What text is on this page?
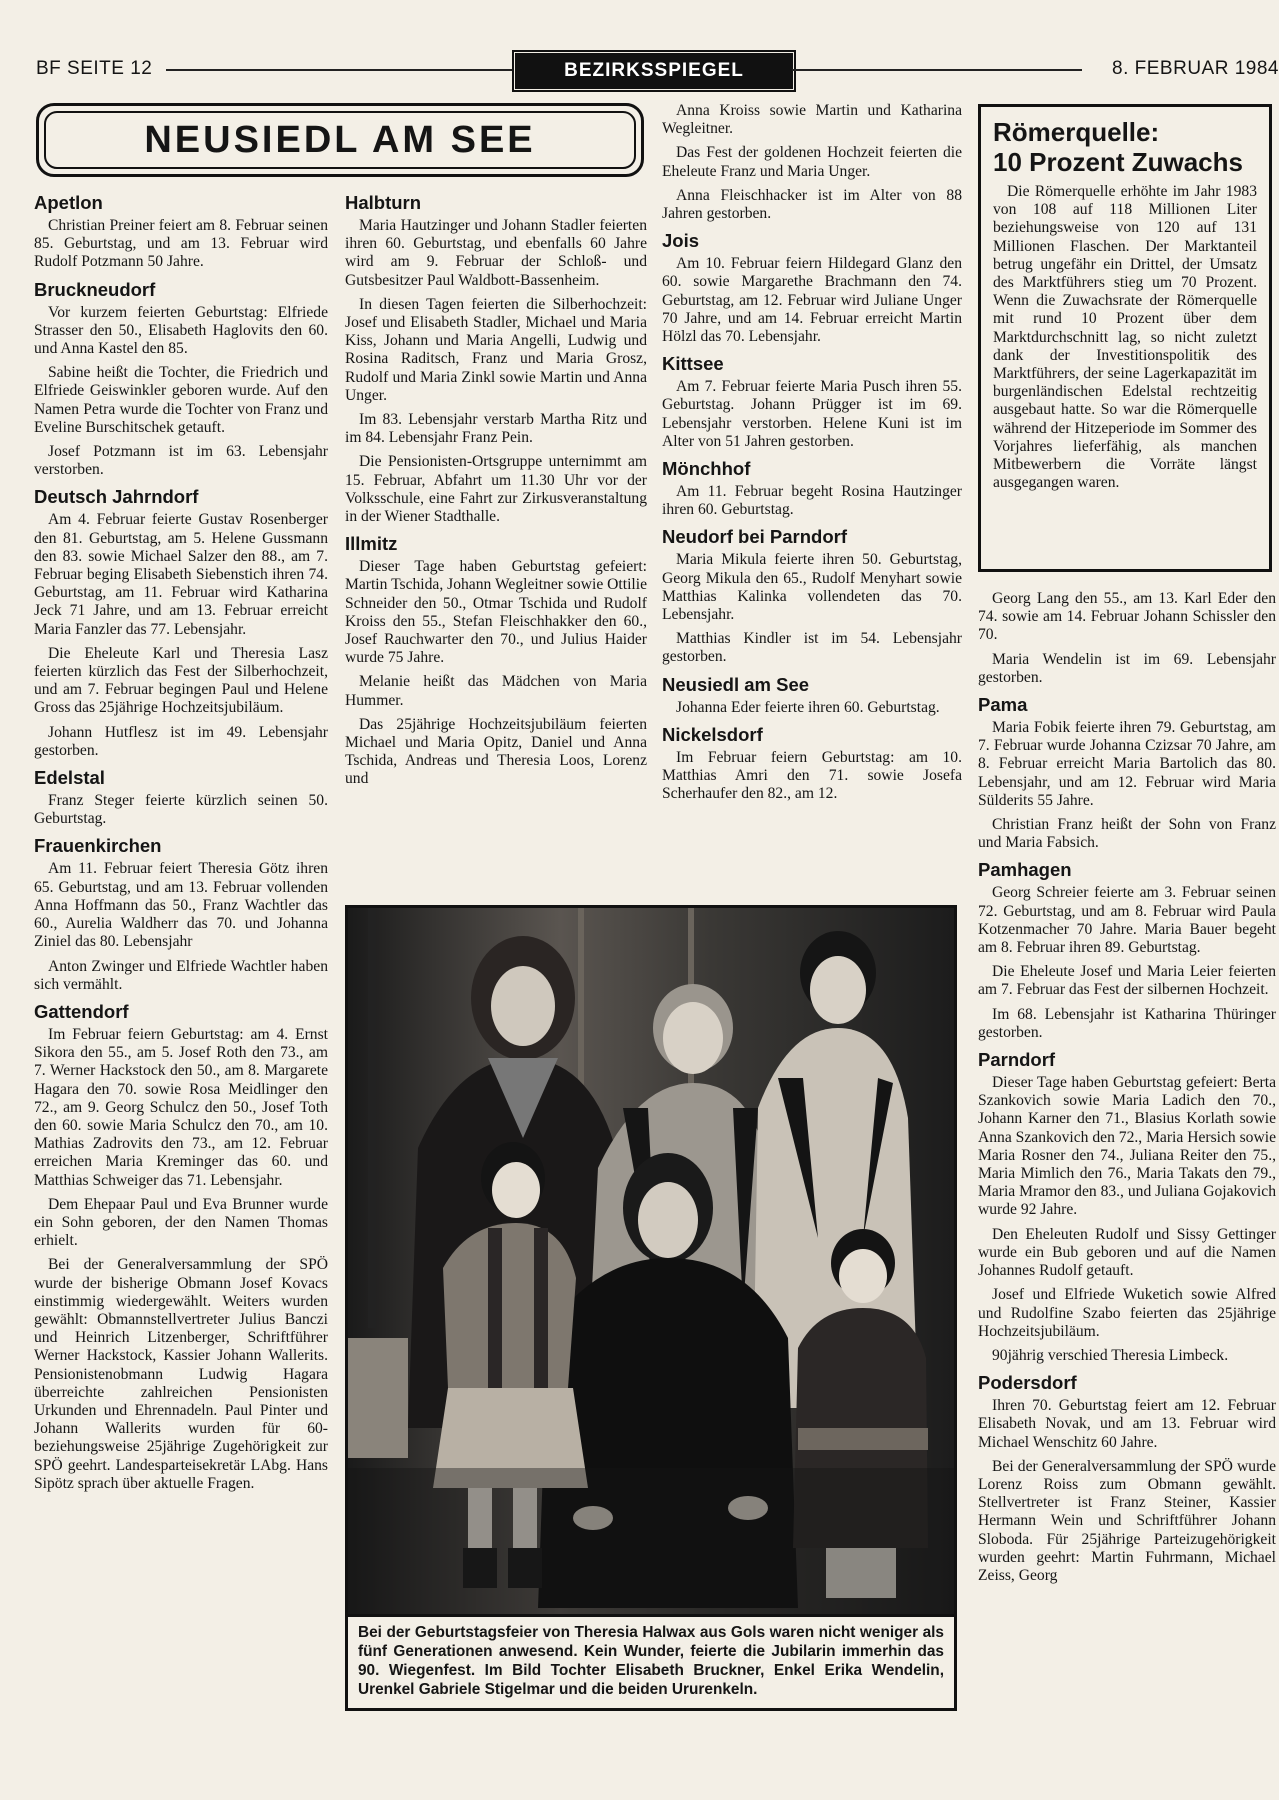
BF SEITE 12	BEZIRKSSPIEGEL	8. FEBRUAR 1984
NEUSIEDL AM SEE
Apetlon

Christian Preiner feiert am 8. Februar seinen 85. Geburtstag, und am 13. Februar wird Rudolf Potzmann 50 Jahre.

Bruckneudorf

Vor kurzem feierten Geburtstag: Elfriede Strasser den 50., Elisabeth Haglovits den 60. und Anna Kastel den 85.

Sabine heißt die Tochter, die Friedrich und Elfriede Geiswinkler geboren wurde. Auf den Namen Petra wurde die Tochter von Franz und Eveline Burschitschek getauft.

Josef Potzmann ist im 63. Lebensjahr verstorben.

Deutsch Jahrndorf

Am 4. Februar feierte Gustav Rosenberger den 81. Geburtstag, am 5. Helene Gussmann den 83. sowie Michael Salzer den 88., am 7. Februar beging Elisabeth Siebenstich ihren 74. Geburtstag, am 11. Februar wird Katharina Jeck 71 Jahre, und am 13. Februar erreicht Maria Fanzler das 77. Lebensjahr.

Die Eheleute Karl und Theresia Lasz feierten kürzlich das Fest der Silberhochzeit, und am 7. Februar begingen Paul und Helene Gross das 25jährige Hochzeitsjubiläum.

Johann Hutflesz ist im 49. Lebensjahr gestorben.

Edelstal

Franz Steger feierte kürzlich seinen 50. Geburtstag.

Frauenkirchen

Am 11. Februar feiert Theresia Götz ihren 65. Geburtstag, und am 13. Februar vollenden Anna Hoffmann das 50., Franz Wachtler das 60., Aurelia Waldherr das 70. und Johanna Ziniel das 80. Lebensjahr

Anton Zwinger und Elfriede Wachtler haben sich vermählt.

Gattendorf

Im Februar feiern Geburtstag: am 4. Ernst Sikora den 55., am 5. Josef Roth den 73., am 7. Werner Hackstock den 50., am 8. Margarete Hagara den 70. sowie Rosa Meidlinger den 72., am 9. Georg Schulcz den 50., Josef Toth den 60. sowie Maria Schulcz den 70., am 10. Mathias Zadrovits den 73., am 12. Februar erreichen Maria Kreminger das 60. und Matthias Schweiger das 71. Lebensjahr.

Dem Ehepaar Paul und Eva Brunner wurde ein Sohn geboren, der den Namen Thomas erhielt.

Bei der Generalversammlung der SPÖ wurde der bisherige Obmann Josef Kovacs einstimmig wiedergewählt. Weiters wurden gewählt: Obmannstellvertreter Julius Banczi und Heinrich Litzenberger, Schriftführer Werner Hackstock, Kassier Johann Wallerits. Pensionistenobmann Ludwig Hagara überreichte zahlreichen Pensionisten Urkunden und Ehrennadeln. Paul Pinter und Johann Wallerits wurden für 60- beziehungsweise 25jährige Zugehörigkeit zur SPÖ geehrt. Landesparteisekretär LAbg. Hans Sipötz sprach über aktuelle Fragen.

Halbturn

Maria Hautzinger und Johann Stadler feierten ihren 60. Geburtstag, und ebenfalls 60 Jahre wird am 9. Februar der Schloß- und Gutsbesitzer Paul Waldbott-Bassenheim.

In diesen Tagen feierten die Silberhochzeit: Josef und Elisabeth Stadler, Michael und Maria Kiss, Johann und Maria Angelli, Ludwig und Rosina Raditsch, Franz und Maria Grosz, Rudolf und Maria Zinkl sowie Martin und Anna Unger.

Im 83. Lebensjahr verstarb Martha Ritz und im 84. Lebensjahr Franz Pein.

Die Pensionisten-Ortsgruppe unternimmt am 15. Februar, Abfahrt um 11.30 Uhr vor der Volksschule, eine Fahrt zur Zirkusveranstaltung in der Wiener Stadthalle.

Illmitz

Dieser Tage haben Geburtstag gefeiert: Martin Tschida, Johann Wegleitner sowie Ottilie Schneider den 50., Otmar Tschida und Rudolf Kroiss den 55., Stefan Fleischhakker den 60., Josef Rauchwarter den 70., und Julius Haider wurde 75 Jahre.

Melanie heißt das Mädchen von Maria Hummer.

Das 25jährige Hochzeitsjubiläum feierten Michael und Maria Opitz, Daniel und Anna Tschida, Andreas und Theresia Loos, Lorenz und

Anna Kroiss sowie Martin und Katharina Wegleitner.

Das Fest der goldenen Hochzeit feierten die Eheleute Franz und Maria Unger.

Anna Fleischhacker ist im Alter von 88 Jahren gestorben.

Jois

Am 10. Februar feiern Hildegard Glanz den 60. sowie Margarethe Brachmann den 74. Geburtstag, am 12. Februar wird Juliane Unger 70 Jahre, und am 14. Februar erreicht Martin Hölzl das 70. Lebensjahr.

Kittsee

Am 7. Februar feierte Maria Pusch ihren 55. Geburtstag. Johann Prügger ist im 69. Lebensjahr verstorben. Helene Kuni ist im Alter von 51 Jahren gestorben.

Mönchhof

Am 11. Februar begeht Rosina Hautzinger ihren 60. Geburtstag.

Neudorf bei Parndorf

Maria Mikula feierte ihren 50. Geburtstag, Georg Mikula den 65., Rudolf Menyhart sowie Matthias Kalinka vollendeten das 70. Lebensjahr.

Matthias Kindler ist im 54. Lebensjahr gestorben.

Neusiedl am See

Johanna Eder feierte ihren 60. Geburtstag.

Nickelsdorf

Im Februar feiern Geburtstag: am 10. Matthias Amri den 71. sowie Josefa Scherhaufer den 82., am 12.

Römerquelle:
10 Prozent Zuwachs

Die Römerquelle erhöhte im Jahr 1983 von 108 auf 118 Millionen Liter beziehungsweise von 120 auf 131 Millionen Flaschen. Der Marktanteil betrug ungefähr ein Drittel, der Umsatz des Marktführers stieg um 70 Prozent. Wenn die Zuwachsrate der Römerquelle mit rund 10 Prozent über dem Marktdurchschnitt lag, so nicht zuletzt dank der Investitionspolitik des Marktführers, der seine Lagerkapazität im burgenländischen Edelstal rechtzeitig ausgebaut hatte. So war die Römerquelle während der Hitzeperiode im Sommer des Vorjahres lieferfähig, als manchen Mitbewerbern die Vorräte längst ausgegangen waren.

Georg Lang den 55., am 13. Karl Eder den 74. sowie am 14. Februar Johann Schissler den 70.

Maria Wendelin ist im 69. Lebensjahr gestorben.

Pama

Maria Fobik feierte ihren 79. Geburtstag, am 7. Februar wurde Johanna Czizsar 70 Jahre, am 8. Februar erreicht Maria Bartolich das 80. Lebensjahr, und am 12. Februar wird Maria Sülderits 55 Jahre.

Christian Franz heißt der Sohn von Franz und Maria Fabsich.

Pamhagen

Georg Schreier feierte am 3. Februar seinen 72. Geburtstag, und am 8. Februar wird Paula Kotzenmacher 70 Jahre. Maria Bauer begeht am 8. Februar ihren 89. Geburtstag.

Die Eheleute Josef und Maria Leier feierten am 7. Februar das Fest der silbernen Hochzeit.

Im 68. Lebensjahr ist Katharina Thüringer gestorben.

Parndorf

Dieser Tage haben Geburtstag gefeiert: Berta Szankovich sowie Maria Ladich den 70., Johann Karner den 71., Blasius Korlath sowie Anna Szankovich den 72., Maria Hersich sowie Maria Rosner den 74., Juliana Reiter den 75., Maria Mimlich den 76., Maria Takats den 79., Maria Mramor den 83., und Juliana Gojakovich wurde 92 Jahre.

Den Eheleuten Rudolf und Sissy Gettinger wurde ein Bub geboren und auf die Namen Johannes Rudolf getauft.

Josef und Elfriede Wuketich sowie Alfred und Rudolfine Szabo feierten das 25jährige Hochzeitsjubiläum.

90jährig verschied Theresia Limbeck.

Podersdorf

Ihren 70. Geburtstag feiert am 12. Februar Elisabeth Novak, und am 13. Februar wird Michael Wenschitz 60 Jahre.

Bei der Generalversammlung der SPÖ wurde Lorenz Roiss zum Obmann gewählt. Stellvertreter ist Franz Steiner, Kassier Hermann Wein und Schriftführer Johann Sloboda. Für 25jährige Parteizugehörigkeit wurden geehrt: Martin Fuhrmann, Michael Zeiss, Georg

Bei der Geburtstagsfeier von Theresia Halwax aus Gols waren nicht weniger als fünf Generationen anwesend. Kein Wunder, feierte die Jubilarin immerhin das 90. Wiegenfest. Im Bild Tochter Elisabeth Bruckner, Enkel Erika Wendelin, Urenkel Gabriele Stigelmar und die beiden Ururenkeln.
